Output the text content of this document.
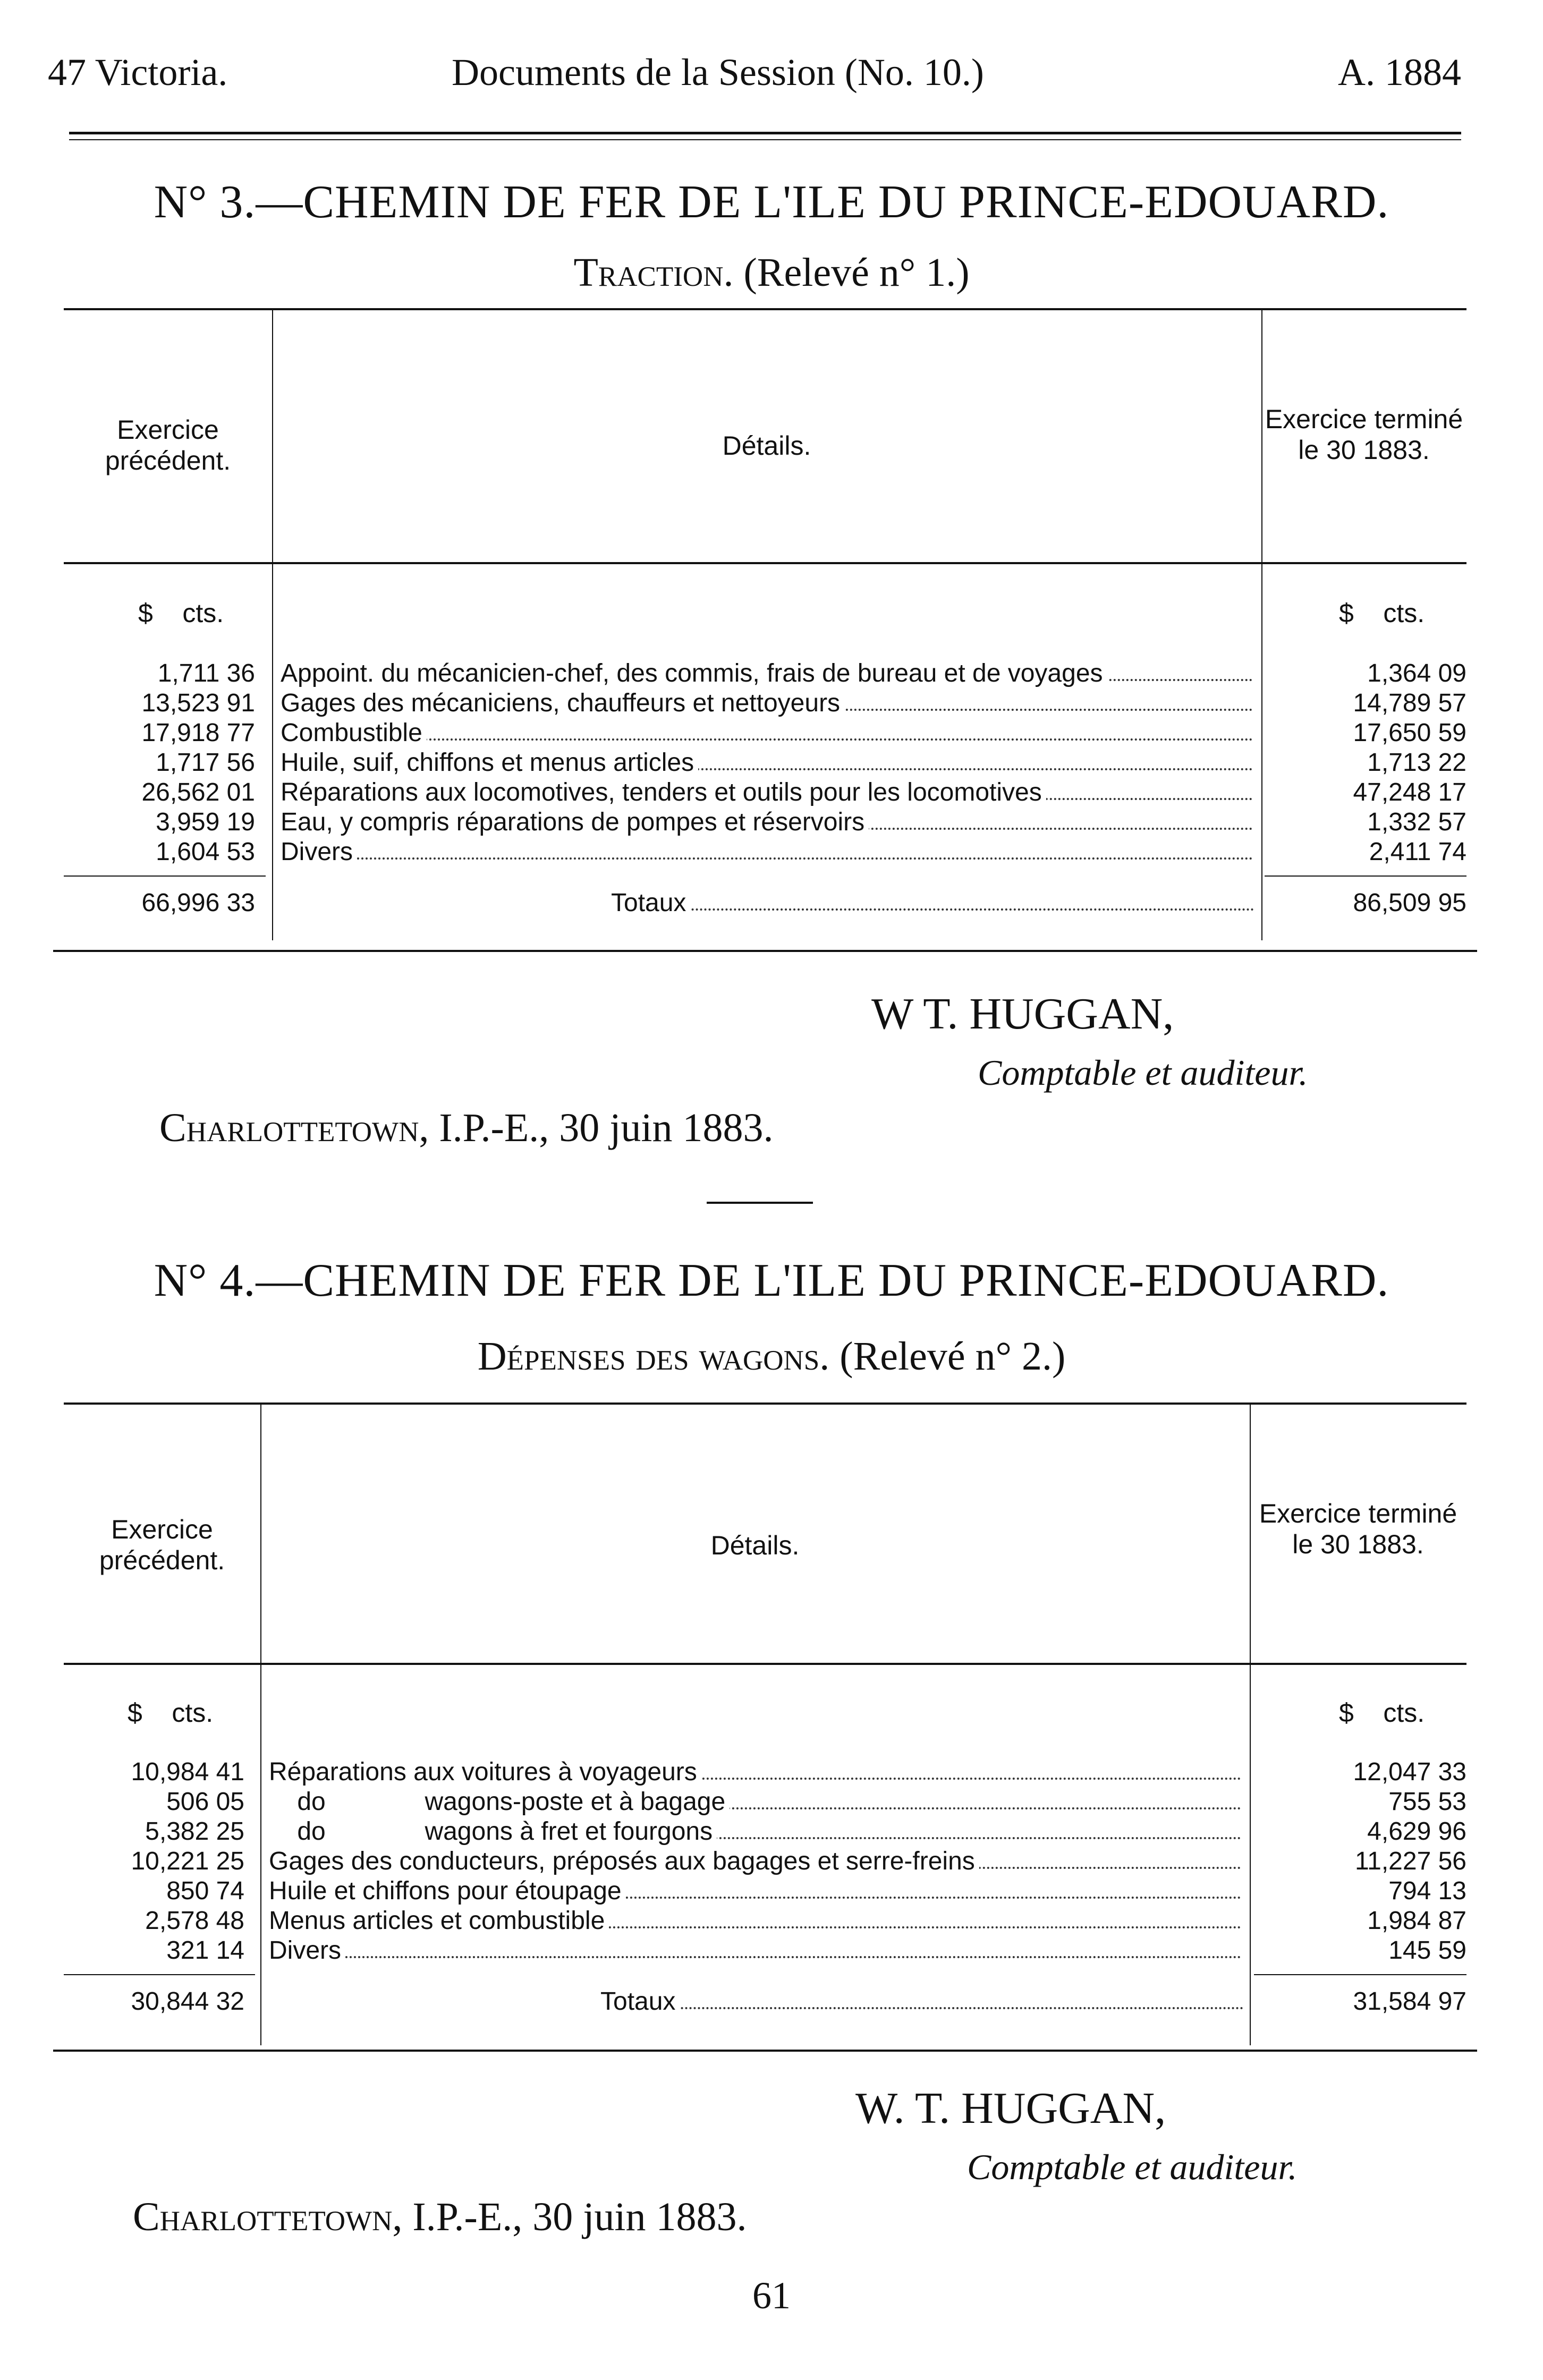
47 Victoria.	Documents de la Session (No. 10.)	A. 1884
N° 3.—CHEMIN DE FER DE L'ILE DU PRINCE-EDOUARD.
Traction. (Relevé n° 1.)
Exercice précédent.	Détails.
Exercice terminé le 30 1883.
$    cts.	$    cts.
1,711 36 Appoint. du mécanicien-chef, des commis, frais de bureau et de voyages	1,364 09
13,523 91 Gages des mécaniciens, chauffeurs et nettoyeurs	14,789 57
17,918 77 Combustible	17,650 59
1,717 56 Huile, suif, chiffons et menus articles	1,713 22
26,562 01 Réparations aux locomotives, tenders et outils pour les locomotives	47,248 17
3,959 19 Eau, y compris réparations de pompes et réservoirs	1,332 57
1,604 53 Divers	2,411 74
66,996 33	Totaux	86,509 95
W T. HUGGAN,
Comptable et auditeur.
Charlottetown, I.P.-E., 30 juin 1883.
N° 4.—CHEMIN DE FER DE L'ILE DU PRINCE-EDOUARD.
Dépenses des wagons. (Relevé n° 2.)
Exercice précédent.	Détails.
Exercice terminé le 30 1883.
$    cts.	$    cts.
10,984 41 Réparations aux voitures à voyageurs	12,047 33
506 05 do              wagons-poste et à bagage	755 53
5,382 25 do              wagons à fret et fourgons	4,629 96
10,221 25 Gages des conducteurs, préposés aux bagages et serre-freins	11,227 56
850 74 Huile et chiffons pour étoupage	794 13
2,578 48 Menus articles et combustible	1,984 87
321 14 Divers	145 59
30,844 32	Totaux	31,584 97
W. T. HUGGAN,
Comptable et auditeur.
Charlottetown, I.P.-E., 30 juin 1883.
61
